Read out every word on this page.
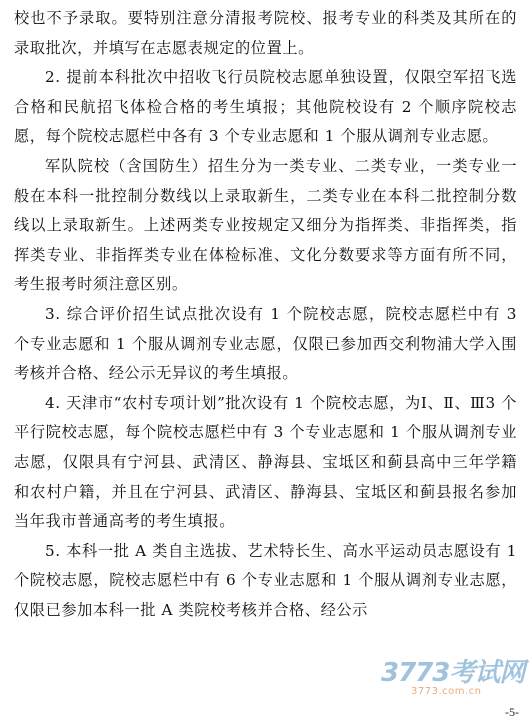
校也不予录取。要特别注意分清报考院校、报考专业的科类及其所在的录取批次，并填写在志愿表规定的位置上。

2. 提前本科批次中招收飞行员院校志愿单独设置，仅限空军招飞选合格和民航招飞体检合格的考生填报；其他院校设有 2 个顺序院校志愿，每个院校志愿栏中各有 3 个专业志愿和 1 个服从调剂专业志愿。

军队院校（含国防生）招生分为一类专业、二类专业，一类专业一般在本科一批控制分数线以上录取新生，二类专业在本科二批控制分数线以上录取新生。上述两类专业按规定又细分为指挥类、非指挥类，指挥类专业、非指挥类专业在体检标准、文化分数要求等方面有所不同，考生报考时须注意区别。

3. 综合评价招生试点批次设有 1 个院校志愿，院校志愿栏中有 3 个专业志愿和 1 个服从调剂专业志愿，仅限已参加西交利物浦大学入围考核并合格、经公示无异议的考生填报。

4. 天津市“农村专项计划”批次设有 1 个院校志愿，为Ⅰ、Ⅱ、Ⅲ3 个平行院校志愿，每个院校志愿栏中有 3 个专业志愿和 1 个服从调剂专业志愿，仅限具有宁河县、武清区、静海县、宝坻区和蓟县高中三年学籍和农村户籍，并且在宁河县、武清区、静海县、宝坻区和蓟县报名参加当年我市普通高考的考生填报。

5. 本科一批 A 类自主选拔、艺术特长生、高水平运动员志愿设有 1 个院校志愿，院校志愿栏中有 6 个专业志愿和 1 个服从调剂专业志愿，仅限已参加本科一批 A 类院校考核并合格、经公示

3773考试网
3773.com.cn
-5-
